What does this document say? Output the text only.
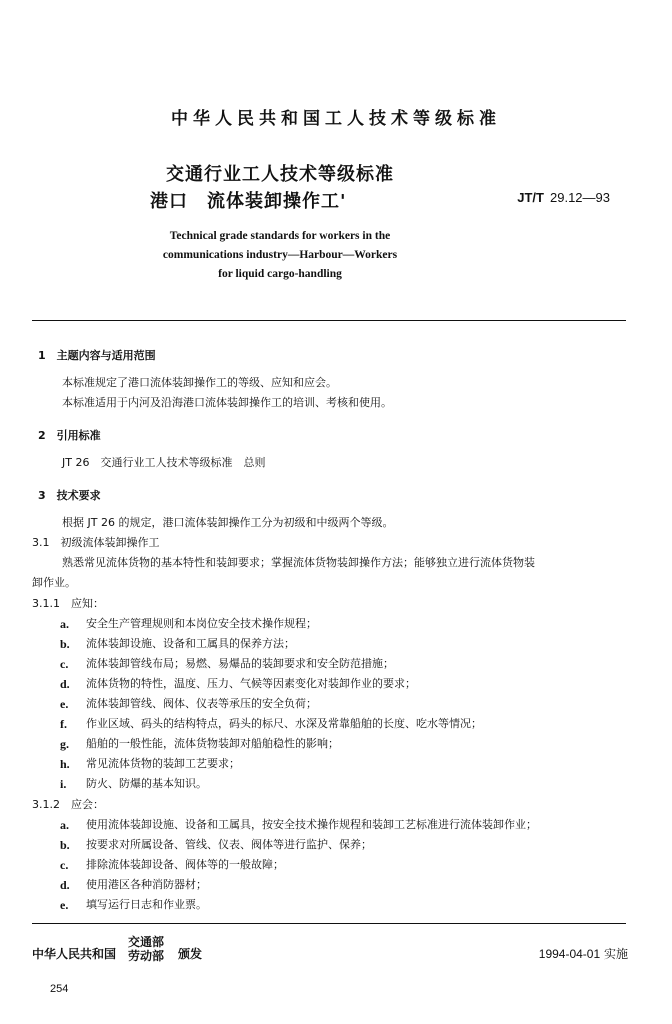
中华人民共和国工人技术等级标准
交通行业工人技术等级标准
港口　流体装卸操作工'	JT/T 29.12—93
Technical grade standards for workers in the
communications industry—Harbour—Workers
for liquid cargo-handling
1　主题内容与适用范围
本标准规定了港口流体装卸操作工的等级、应知和应会。
本标准适用于内河及沿海港口流体装卸操作工的培训、考核和使用。
2　引用标准
JT 26　交通行业工人技术等级标准　总则
3　技术要求
根据 JT 26 的规定，港口流体装卸操作工分为初级和中级两个等级。
3.1　初级流体装卸操作工
熟悉常见流体货物的基本特性和装卸要求；掌握流体货物装卸操作方法；能够独立进行流体货物装
卸作业。
3.1.1　应知：
a. 安全生产管理规则和本岗位安全技术操作规程；
b. 流体装卸设施、设备和工属具的保养方法；
c. 流体装卸管线布局；易燃、易爆品的装卸要求和安全防范措施；
d. 流体货物的特性，温度、压力、气候等因素变化对装卸作业的要求；
e. 流体装卸管线、阀体、仪表等承压的安全负荷；
f. 作业区域、码头的结构特点，码头的标尺、水深及常靠船舶的长度、吃水等情况；
g. 船舶的一般性能，流体货物装卸对船舶稳性的影响；
h. 常见流体货物的装卸工艺要求；
i. 防火、防爆的基本知识。
3.1.2　应会：
a. 使用流体装卸设施、设备和工属具，按安全技术操作规程和装卸工艺标准进行流体装卸作业；
b. 按要求对所属设备、管线、仪表、阀体等进行监护、保养；
c. 排除流体装卸设备、阀体等的一般故障；
d. 使用港区各种消防器材；
e. 填写运行日志和作业票。
中华人民共和国
交通部
劳动部 颁发	1994-04-01 实施
254
